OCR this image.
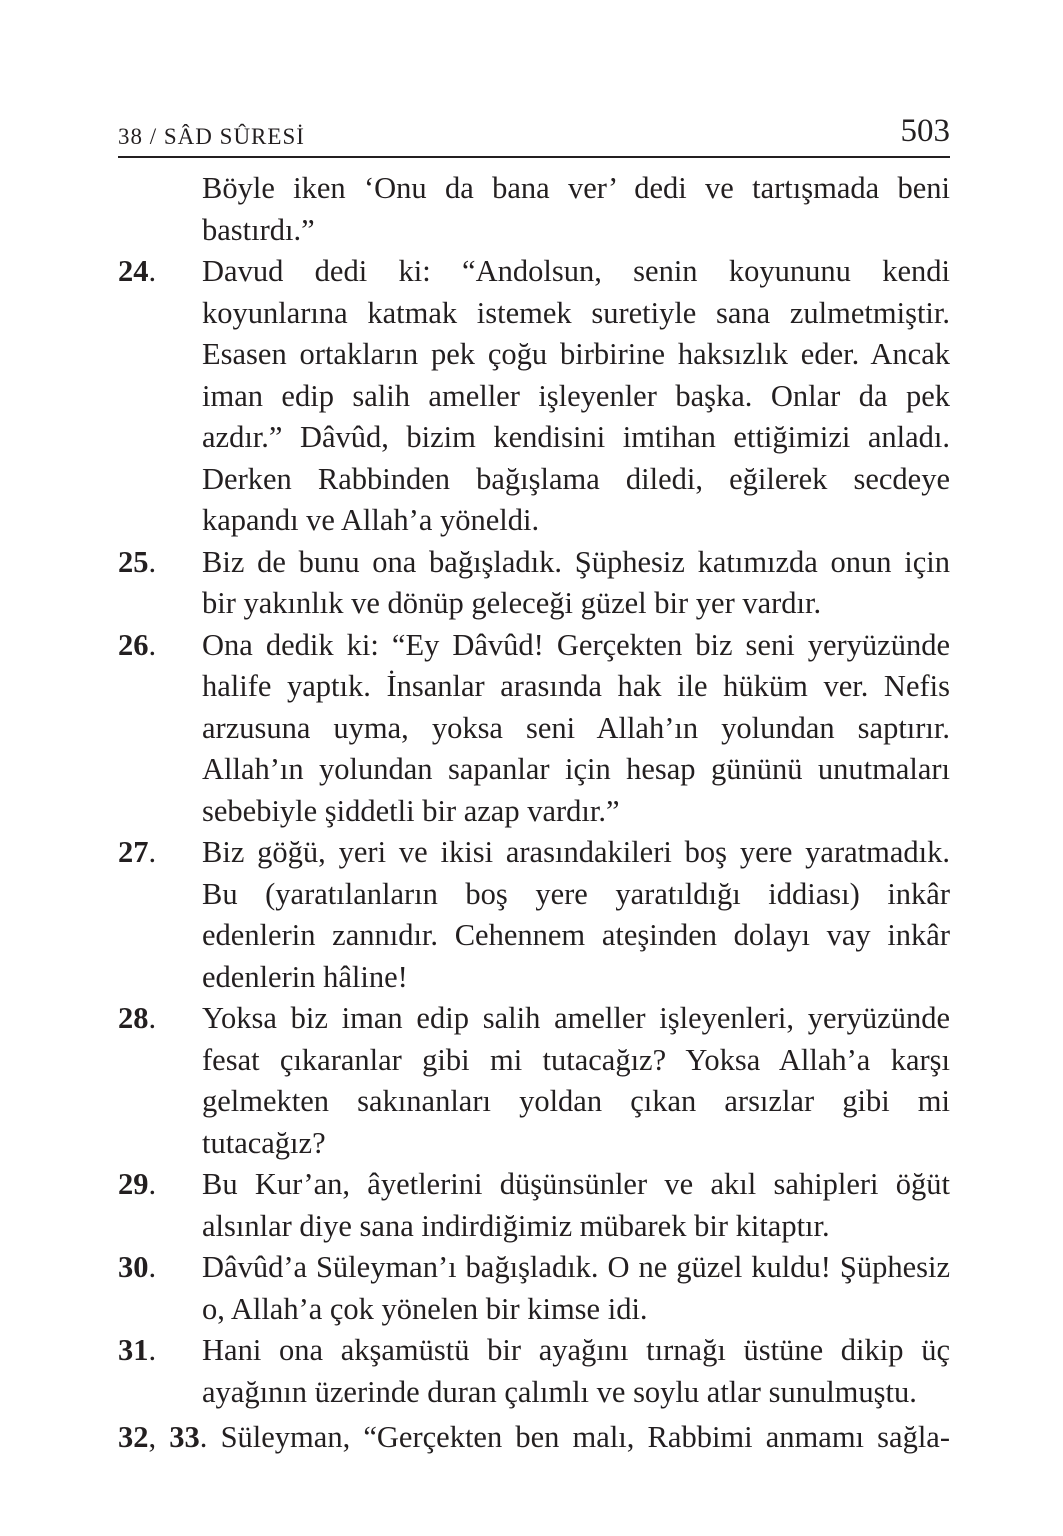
38 / SÂD SÛRESİ	503
Böyle iken ‘Onu da bana ver’ dedi ve tartışmada beni bastırdı.”
24.	Davud dedi ki: “Andolsun, senin koyununu kendi koyunlarına katmak istemek suretiyle sana zulmetmiştir. Esasen ortakların pek çoğu birbirine haksızlık eder. Ancak iman edip salih ameller işleyenler başka. Onlar da pek azdır.” Dâvûd, bizim kendisini imtihan ettiğimizi anladı. Derken Rabbinden bağışlama diledi, eğilerek secdeye kapandı ve Allah’a yöneldi.
25.	Biz de bunu ona bağışladık. Şüphesiz katımızda onun için bir yakınlık ve dönüp geleceği güzel bir yer vardır.
26.	Ona dedik ki: “Ey Dâvûd! Gerçekten biz seni yeryüzünde halife yaptık. İnsanlar arasında hak ile hüküm ver. Nefis arzusuna uyma, yoksa seni Allah’ın yolundan saptırır. Allah’ın yolundan sapanlar için hesap gününü unutmaları sebebiyle şiddetli bir azap vardır.”
27.	Biz göğü, yeri ve ikisi arasındakileri boş yere yaratmadık. Bu (yaratılanların boş yere yaratıldığı iddiası) inkâr edenlerin zannıdır. Cehennem ateşinden dolayı vay inkâr edenlerin hâline!
28.	Yoksa biz iman edip salih ameller işleyenleri, yeryüzünde fesat çıkaranlar gibi mi tutacağız? Yoksa Allah’a karşı gelmekten sakınanları yoldan çıkan arsızlar gibi mi tutacağız?
29.	Bu Kur’an, âyetlerini düşünsünler ve akıl sahipleri öğüt alsınlar diye sana indirdiğimiz mübarek bir kitaptır.
30.	Dâvûd’a Süleyman’ı bağışladık. O ne güzel kuldu! Şüphesiz o, Allah’a çok yönelen bir kimse idi.
31.	Hani ona akşamüstü bir ayağını tırnağı üstüne dikip üç ayağının üzerinde duran çalımlı ve soylu atlar sunulmuştu.
32, 33. Süleyman, “Gerçekten ben malı, Rabbimi anmamı sağla-
